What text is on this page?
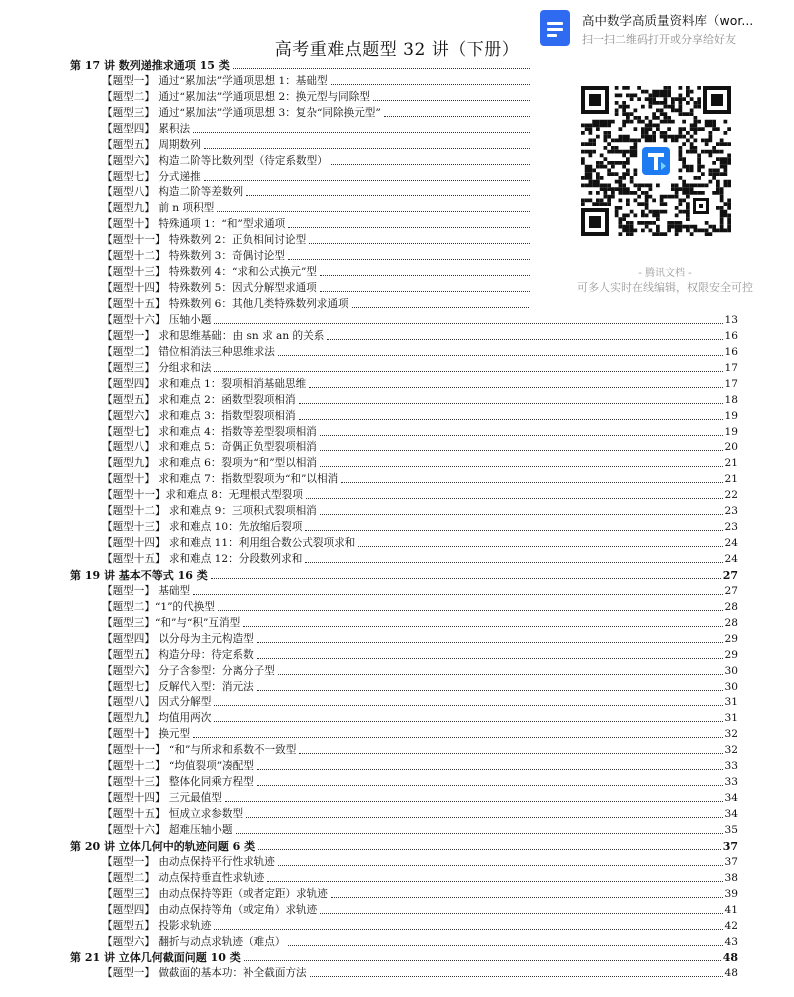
高考重难点题型 32 讲（下册）
第 17 讲 数列递推求通项 15 类
【题型一】 通过“累加法”学通项思想 1：基础型
【题型二】 通过“累加法”学通项思想 2：换元型与同除型
【题型三】 通过“累加法”学通项思想 3：复杂“同除换元型”
【题型四】 累积法
【题型五】 周期数列
【题型六】 构造二阶等比数列型（待定系数型）
【题型七】 分式递推
【题型八】 构造二阶等差数列
【题型九】 前 n 项积型
【题型十】 特殊通项 1：“和”型求通项
【题型十一】 特殊数列 2：正负相间讨论型
【题型十二】 特殊数列 3：奇偶讨论型
【题型十三】 特殊数列 4：“求和公式换元”型
【题型十四】 特殊数列 5：因式分解型求通项
【题型十五】 特殊数列 6：其他几类特殊数列求通项
【题型十六】 压轴小题	13
【题型一】 求和思维基础：由 sn 求 an 的关系	16
【题型二】 错位相消法三种思维求法	16
【题型三】 分组求和法	17
【题型四】 求和难点 1：裂项相消基础思维	17
【题型五】 求和难点 2：函数型裂项相消	18
【题型六】 求和难点 3：指数型裂项相消	19
【题型七】 求和难点 4：指数等差型裂项相消	19
【题型八】 求和难点 5：奇偶正负型裂项相消	20
【题型九】 求和难点 6：裂项为“和”型以相消	21
【题型十】 求和难点 7：指数型裂项为“和”以相消	21
【题型十一】求和难点 8：无理根式型裂项	22
【题型十二】 求和难点 9：三项积式裂项相消	23
【题型十三】 求和难点 10：先放缩后裂项	23
【题型十四】 求和难点 11：利用组合数公式裂项求和	24
【题型十五】 求和难点 12：分段数列求和	24
第 19 讲 基本不等式 16 类	27
【题型一】 基础型	27
【题型二】“1”的代换型	28
【题型三】“和”与“积”互消型	28
【题型四】 以分母为主元构造型	29
【题型五】 构造分母：待定系数	29
【题型六】 分子含参型：分离分子型	30
【题型七】 反解代入型：消元法	30
【题型八】 因式分解型	31
【题型九】 均值用两次	31
【题型十】 换元型	32
【题型十一】 “和”与所求和系数不一致型	32
【题型十二】 “均值裂项”凑配型	33
【题型十三】 整体化同乘方程型	33
【题型十四】 三元最值型	34
【题型十五】 恒成立求参数型	34
【题型十六】 超难压轴小题	35
第 20 讲 立体几何中的轨迹问题 6 类	37
【题型一】 由动点保持平行性求轨迹	37
【题型二】 动点保持垂直性求轨迹	38
【题型三】 由动点保持等距（或者定距）求轨迹	39
【题型四】 由动点保持等角（或定角）求轨迹	41
【题型五】 投影求轨迹	42
【题型六】 翻折与动点求轨迹（难点）	43
第 21 讲 立体几何截面问题 10 类	48
【题型一】 做截面的基本功：补全截面方法	48
高中数学高质量资料库（wor...
扫一扫二维码打开或分享给好友
- 腾讯文档 -
可多人实时在线编辑，权限安全可控
